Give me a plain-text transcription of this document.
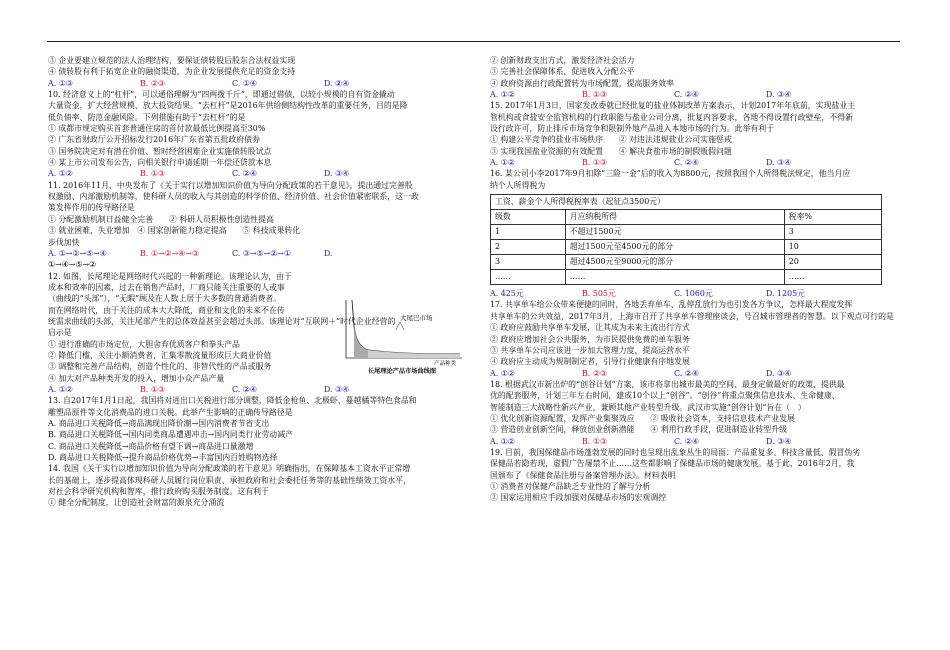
③ 企业要建立规范的法人治理结构，要保证债转股后股东合法权益实现
④ 债转股有利于拓宽企业的融资渠道，为企业发展提供充足的资金支持
A. ①③	B. ②③	C. ①④	D. ②④
10. 经济意义上的“杠杆”，可以通俗理解为“四两拨千斤”，即通过借债，以较小规模的自有资金撬动
大量资金，扩大经营规模、放大投资结果。“去杠杆”是2016年供给侧结构性改革的重要任务，目的是降
低负债率、防范金融风险。下列措施有助于“去杠杆”的是
① 成都市规定购买首套普通住房的首付款最低比例提高至30%
② 广东省财政厅公开招标发行2016年广东省第五批政府债券
③ 国务院决定对有潜在价值、暂时经营困难企业实施债转股试点
④ 某上市公司发布公告，向相关银行申请延期一年偿还贷款本息
A. ①②	B. ①③	C. ②④	D. ③④
11. 2016年11月，中央发布了《关于实行以增加知识价值为导向分配政策的若干意见》，提出通过完善股
权激励、内部激励机制等，使科研人员的收入与其创造的科学价值、经济价值、社会价值紧密联系，这一政
策发挥作用的传导路径是
① 分配激励机制日益健全完善　　② 科研人员积极性创造性提高
③ 就业困难，失业增加　④ 国家创新能力稳定提高　　⑤ 科技成果转化
步伐加快
A. ①→②→⑤→④	B. ①→②→④→③	C. ③→⑤→②→①	D.
①→④→⑤→②
12. 如图，长尾理论是网络时代兴起的一种新理论。该理论认为，由于
成本和效率的因素，过去在销售产品时，厂商只能关注重要的人或事
（曲线的“头部”），“无暇”顾及在人数上居于大多数的普通消费者。
而在网络时代，由于关注的成本大大降低，商业和文化的未来不在传
统需求曲线的头部，关注尾部产生的总体效益甚至会超过头部。该理论对“互联网＋”时代企业经营的
启示是
① 进行准确的市场定位，大胆舍弃优质客户和拳头产品
② 降低门槛，关注小额消费者，汇集零散流量形成巨大商业价值
③ 调整和完善产品结构，创造个性化的、非替代性的产品或服务
④ 加大对产品种类开发的投入，增加小众产品产量
A. ①②	B. ①③	C. ②④	D. ③④
13. 自2017年1月1日起，我国将对进出口关税进行部分调整，降低金枪鱼、北极虾、蔓越橘等特色食品和
雕塑品原件等文化消费品的进口关税。此举产生影响的正确传导路径是
A. 商品进口关税降低→商品满现出降价潮→国内消费者节省支出
B. 商品进口关税降低→国内同类商品遭遇冲击→国内同类行业劳动减产
C. 商品进口关税降低→商品价格有望下调→商品进口量激增
D. 商品进口关税降低→提升商品价格优势→丰富国内百姓购物选择
14. 我国《关于实行以增加知识价值为导向分配政策的若干意见》明确指出，在保障基本工资水平正常增
长的基础上，逐步提高体现科研人员履行岗位职责、承担政府和社会委托任务等的基础性绩效工资水平，
对社会科学研究机构和智库，推行政府购买服务制度。这有利于
① 健全分配制度，让创造社会财富的源泉充分涌流
大尾巴市场
产品种类
长尾理论产品市场曲线图
② 创新财政支出方式，激发经济社会活力
③ 完善社会保障体系，促进收入分配公平
④ 政府资源由行政配置转为市场配置，提高服务效率
A. ①②	B. ①③	C. ②④	D. ③④
15. 2017年1月3日，国家发改委就已经批复的盐业体制改革方案表示，计划2017年年底前，实现盐业主
管机构或食盐安全监管机构的行政职能与盐业公司分离，批复内容要求，各地不得设置行政壁垒，不得新
设行政许可，防止排斥市场竞争和限制外地产品进入本地市场的行为。此举有利于
① 构建公平竞争的盐业市场秩序　　② 对违法违规盐业公司实施惩戒
③ 实现我国盐业资源的有效配置　　④ 解决食盐市场的制假贩假问题
A. ①②	B. ①③	C. ②④	D. ③④
16. 某公司小李2017年9月扣除“三险一金”后的收入为8800元，按照我国个人所得税法规定，他当月应
纳个人所得税为
工资、薪金个人所得税税率表（起征点3500元）		
级数	月应纳税所得	税率%
1	不超过1500元	3
2	超过1500元至4500元的部分	10
3	超过4500元至9000元的部分	20
……	……	……
A. 425元	B. 505元	C. 1060元	D. 1205元
17. 共享单车给公众带来便捷的同时，各地丢弃单车、乱停乱放行为也引发各方争议，怎样最大程度发挥
共享单车的公共效益，2017年3月，上海市召开了共享单车管理座谈会，号召城市管理者的智慧。以下观点可行的是
① 政府应鼓励共享单车发展，让其成为未来主流出行方式
② 政府应增加社会公共服务，为市民提供免费的单车服务
③ 共享单车公司应该进一步加大管理力度，提高运营水平
④ 政府应主动成为规制制定者，引导行业健康有序地发展
A. ①②	B. ②③	C. ②④	D. ③④
18. 根据武汉市新出炉的“创谷计划”方案，该市将拿出城市最美的空间、最身定做最好的政策、提供最
优的配套服务，计划三年左右时间，建成10个以上“创谷”。“创谷”将重点聚焦信息技术、生命健康、
智能制造三大战略性新兴产业，兼顾其他产业转型升级。武汉市实施“创谷计划”旨在（　）
① 优化创新资源配置，发挥产业集聚效应　　② 吸收社会资本，支持信息技术产业发展
③ 营造创业创新空间，释放创业创新潜能　　④ 利用行政手段，促进制造业转型升级
A. ①②	B. ①③	C. ②④	D. ③④
19. 目前，我国保健品市场蓬勃发展的同时也呈现出乱象丛生的局面：产品重复多、科技含量低、假冒伪劣
保健品若隐若现，虚假广告屡禁不止……这些都影响了保健品市场的健康发展。基于此，2016年2月，我
国颁布了《保健食品注册与备案管理办法》。材料表明
① 消费者对保健产品缺乏专业性的了解与分析
② 国家运用相应手段加强对保健品市场的宏观调控
